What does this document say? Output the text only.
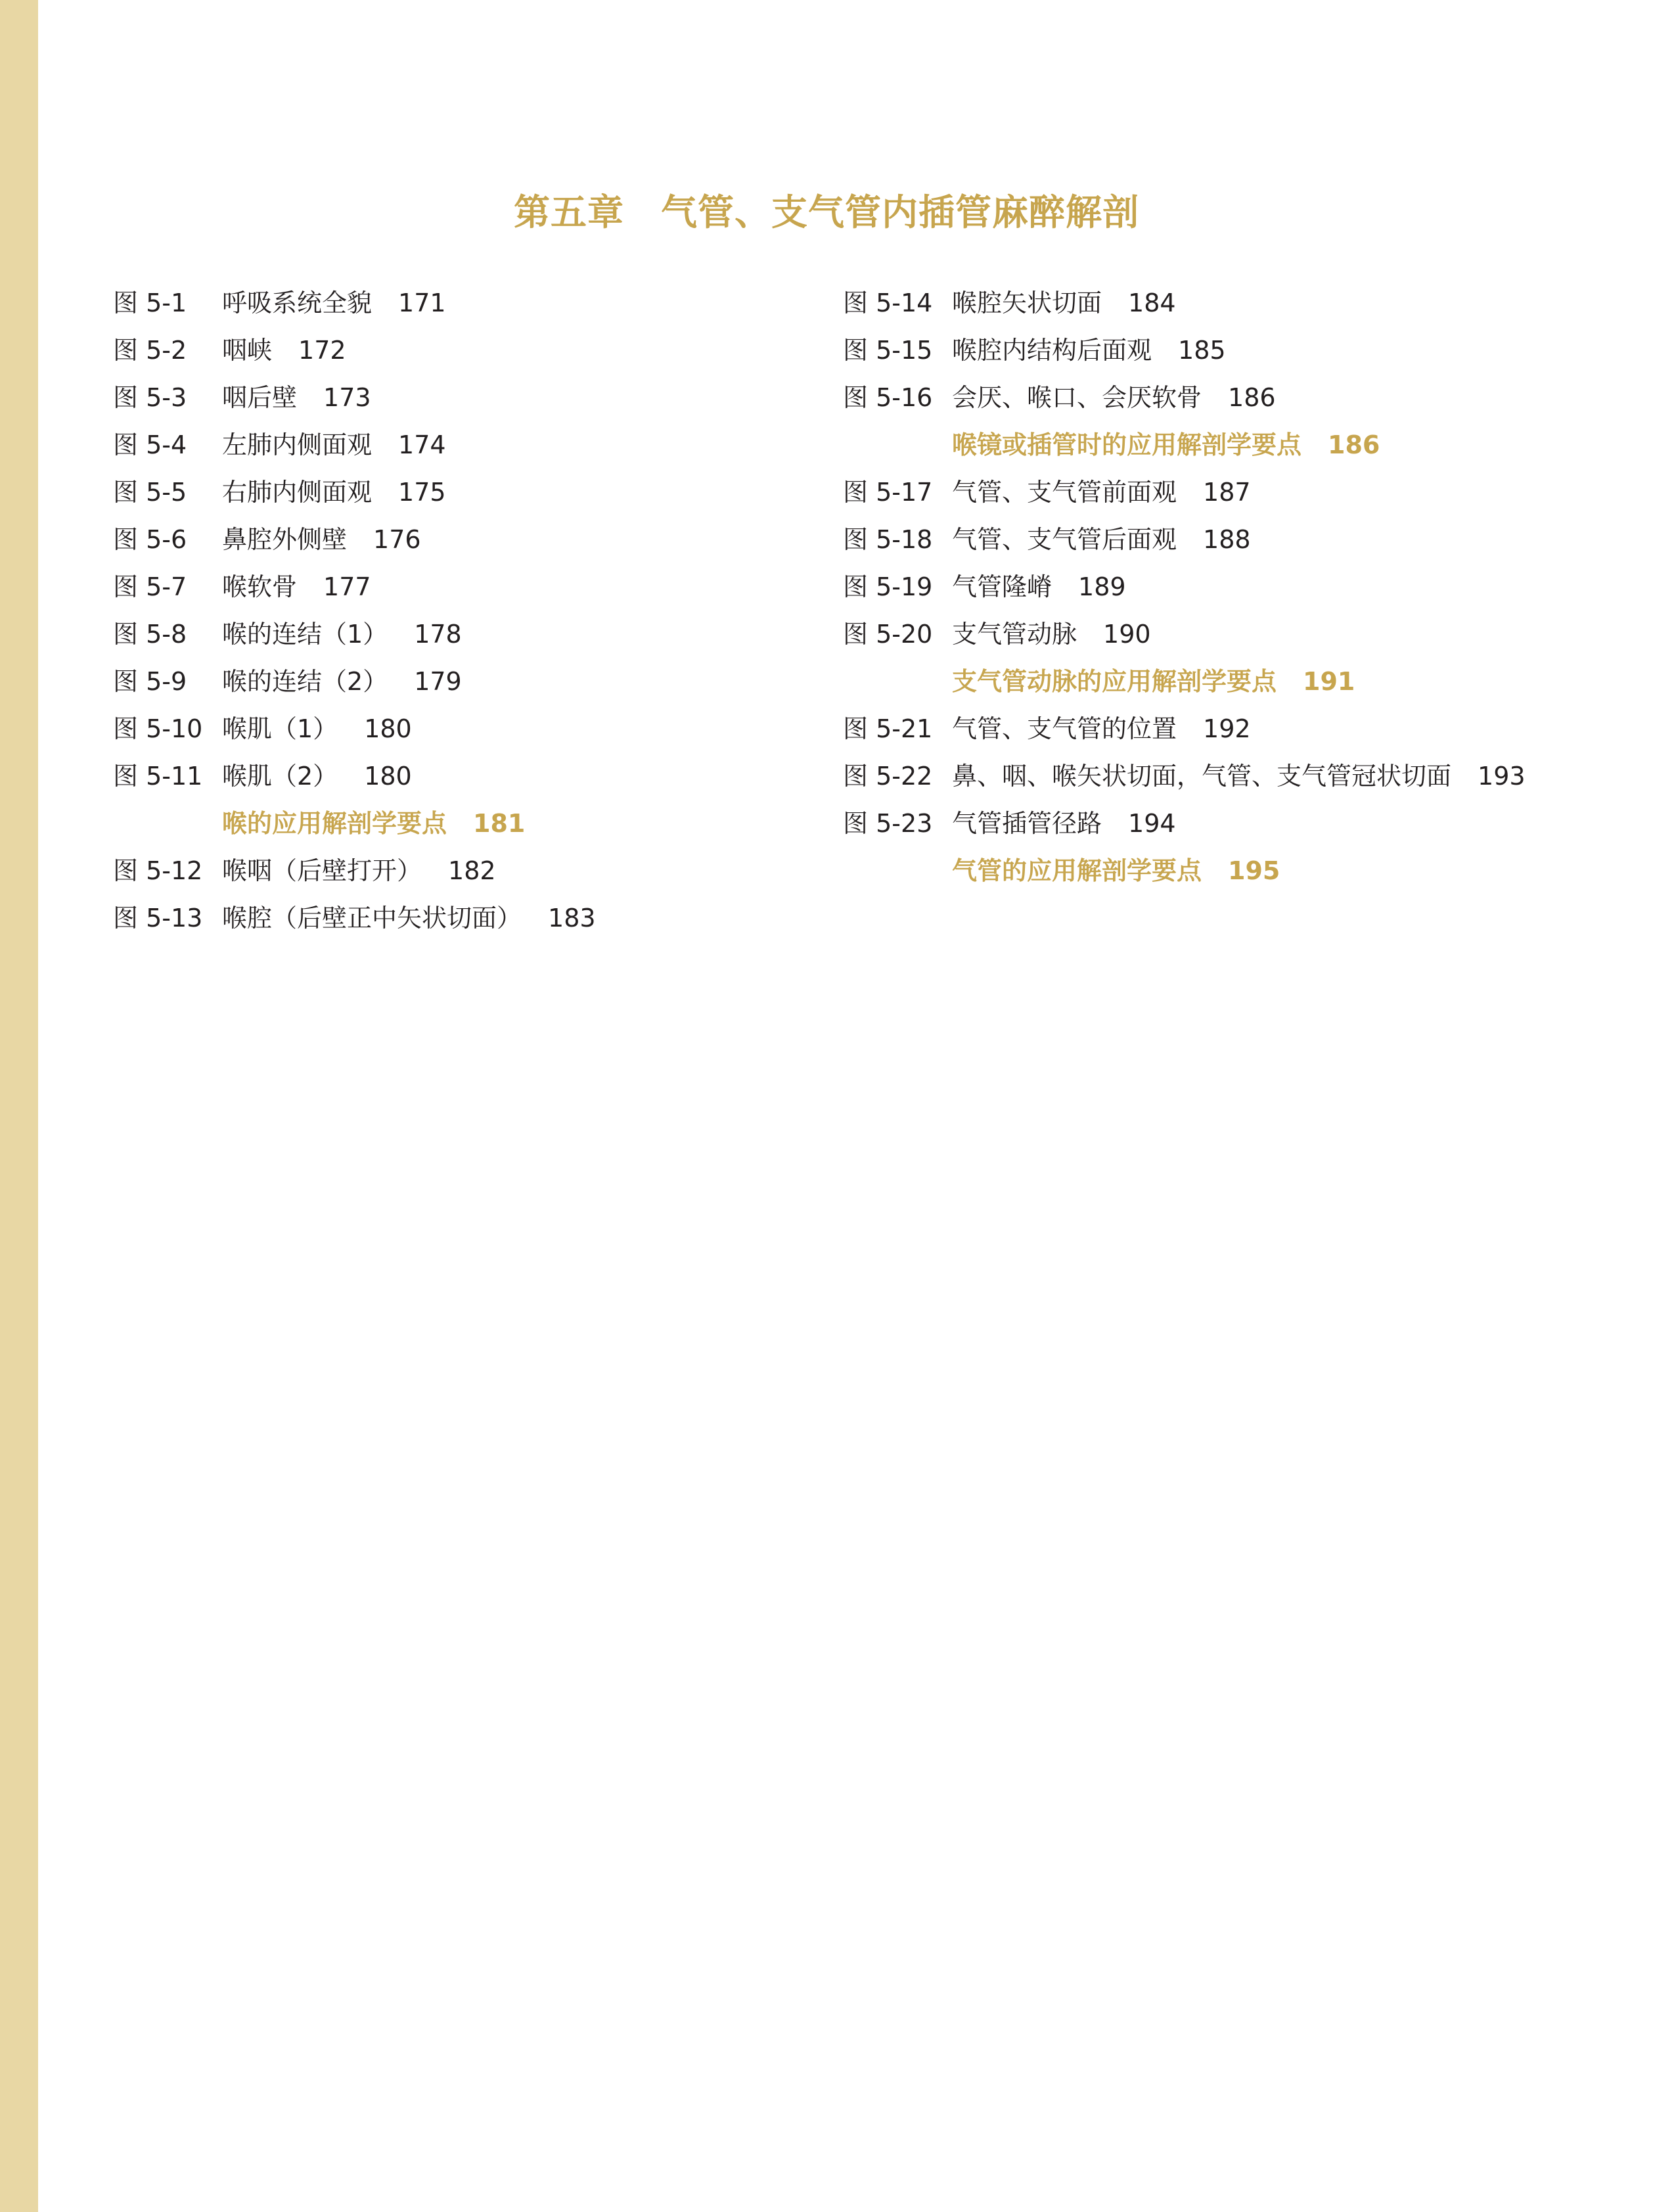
第五章　气管、支气管内插管麻醉解剖
图 5-1 呼吸系统全貌 171
图 5-2 咽峡 172
图 5-3 咽后壁 173
图 5-4 左肺内侧面观 174
图 5-5 右肺内侧面观 175
图 5-6 鼻腔外侧壁 176
图 5-7 喉软骨 177
图 5-8 喉的连结（1） 178
图 5-9 喉的连结（2） 179
图 5-10 喉肌（1） 180
图 5-11 喉肌（2） 180
喉的应用解剖学要点 181
图 5-12 喉咽（后壁打开） 182
图 5-13 喉腔（后壁正中矢状切面） 183
图 5-14 喉腔矢状切面 184
图 5-15 喉腔内结构后面观 185
图 5-16 会厌、喉口、会厌软骨 186
喉镜或插管时的应用解剖学要点 186
图 5-17 气管、支气管前面观 187
图 5-18 气管、支气管后面观 188
图 5-19 气管隆嵴 189
图 5-20 支气管动脉 190
支气管动脉的应用解剖学要点 191
图 5-21 气管、支气管的位置 192
图 5-22 鼻、咽、喉矢状切面，气管、支气管冠状切面 193
图 5-23 气管插管径路 194
气管的应用解剖学要点 195
